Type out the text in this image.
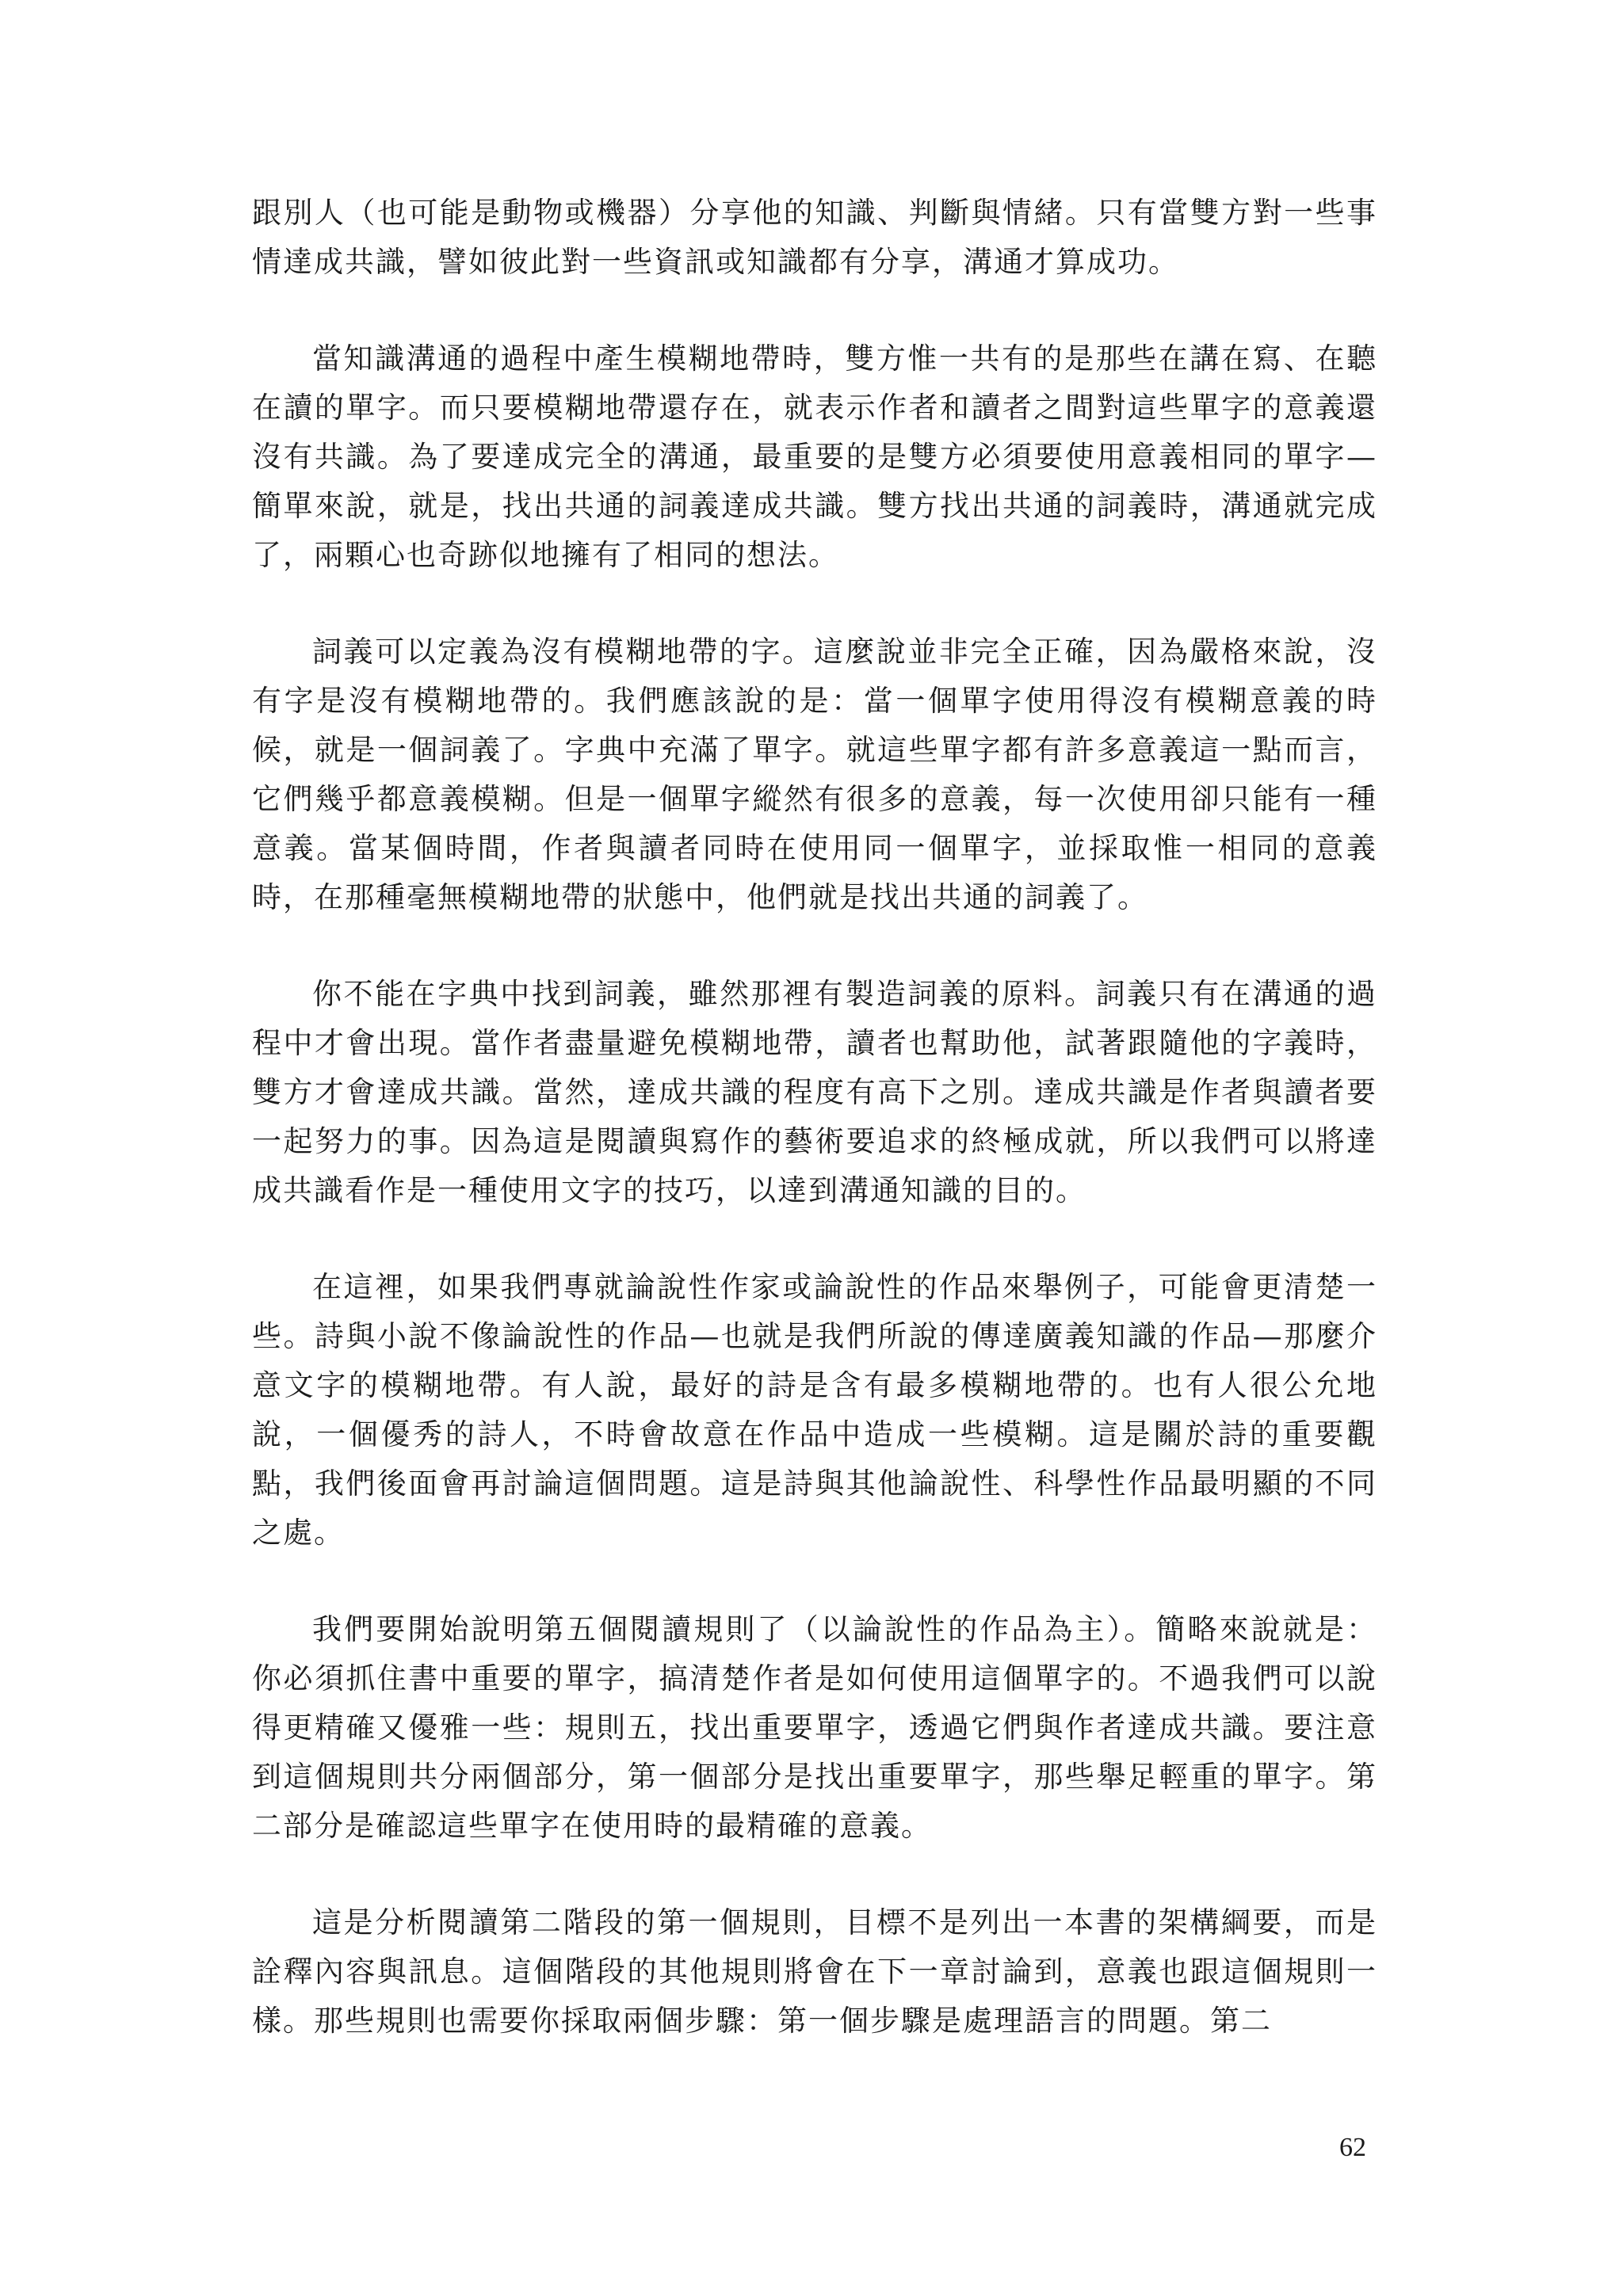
跟別人（也可能是動物或機器）分享他的知識、判斷與情緒。只有當雙方對一些事情達成共識，譬如彼此對一些資訊或知識都有分享，溝通才算成功。

當知識溝通的過程中產生模糊地帶時，雙方惟一共有的是那些在講在寫、在聽在讀的單字。而只要模糊地帶還存在，就表示作者和讀者之間對這些單字的意義還沒有共識。為了要達成完全的溝通，最重要的是雙方必須要使用意義相同的單字—簡單來說，就是，找出共通的詞義達成共識。雙方找出共通的詞義時，溝通就完成了，兩顆心也奇跡似地擁有了相同的想法。

詞義可以定義為沒有模糊地帶的字。這麼說並非完全正確，因為嚴格來說，沒有字是沒有模糊地帶的。我們應該說的是：當一個單字使用得沒有模糊意義的時候，就是一個詞義了。字典中充滿了單字。就這些單字都有許多意義這一點而言，它們幾乎都意義模糊。但是一個單字縱然有很多的意義，每一次使用卻只能有一種意義。當某個時間，作者與讀者同時在使用同一個單字，並採取惟一相同的意義時，在那種毫無模糊地帶的狀態中，他們就是找出共通的詞義了。

你不能在字典中找到詞義，雖然那裡有製造詞義的原料。詞義只有在溝通的過程中才會出現。當作者盡量避免模糊地帶，讀者也幫助他，試著跟隨他的字義時，雙方才會達成共識。當然，達成共識的程度有高下之別。達成共識是作者與讀者要一起努力的事。因為這是閱讀與寫作的藝術要追求的終極成就，所以我們可以將達成共識看作是一種使用文字的技巧，以達到溝通知識的目的。

在這裡，如果我們專就論說性作家或論說性的作品來舉例子，可能會更清楚一些。詩與小說不像論說性的作品—也就是我們所說的傳達廣義知識的作品—那麼介意文字的模糊地帶。有人說，最好的詩是含有最多模糊地帶的。也有人很公允地說，一個優秀的詩人，不時會故意在作品中造成一些模糊。這是關於詩的重要觀點，我們後面會再討論這個問題。這是詩與其他論說性、科學性作品最明顯的不同之處。

我們要開始說明第五個閱讀規則了（以論說性的作品為主）。簡略來說就是：你必須抓住書中重要的單字，搞清楚作者是如何使用這個單字的。不過我們可以說得更精確又優雅一些：規則五，找出重要單字，透過它們與作者達成共識。要注意到這個規則共分兩個部分，第一個部分是找出重要單字，那些舉足輕重的單字。第二部分是確認這些單字在使用時的最精確的意義。

這是分析閱讀第二階段的第一個規則，目標不是列出一本書的架構綱要，而是詮釋內容與訊息。這個階段的其他規則將會在下一章討論到，意義也跟這個規則一樣。那些規則也需要你採取兩個步驟：第一個步驟是處理語言的問題。第二

62
